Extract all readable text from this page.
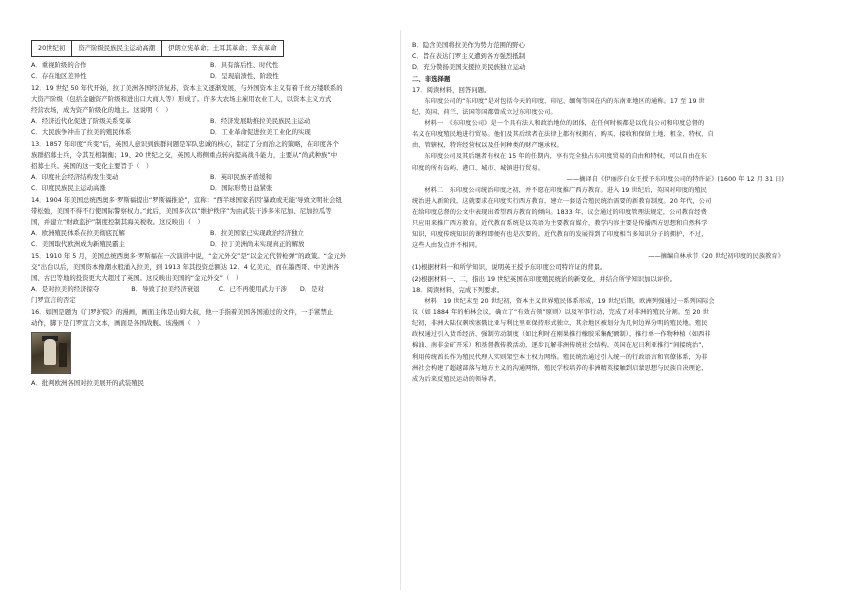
20世纪初	资产阶级民族民主运动高潮	伊朗立宪革命；土耳其革命；辛亥革命
A．重视阶级的合作	B．具有落后性、时代性
C．存在地区差异性	D．呈现崩溃性、阶段性

12．19 世纪 50 年代开始，拉丁美洲各国经济复苏，资本主义逐渐发展，与外国资本主义有着千丝万缕联系的

大资产阶级（包括金融资产阶级和进出口大商人等）形成了。许多大农场主雇用农业工人，以资本主义方式

经营农场，成为资产阶级化的地主。这说明（　）

A．经济近代化促进了阶级关系变革	B．经济发展助推拉美民族民主运动
C．大民族争冲击了拉美的殖民体系	D．工业革命促进拉美工业化的实现

13．1857 年印度“兵变”后，英国人意识到族群问题是军队忠诚的核心，制定了分而治之的策略，在印度各个

族群招募士兵，令其互相制衡；19、20 世纪之交，英国人将侧重点转向提高战斗能力，主要从“尚武种族”中

招募士兵。英国的这一变化主要旨于（　）

A．印度社会经济结构发生变动	B．英印民族矛盾缓和
C．印度民族民主运动高涨	D．国际形势日益紧张

14．1904 年美国总统西奥多·罗斯福提出“罗斯福推论”，宣称：“西半球国家若因‘暴政或无能’导致文明社会纽

带松弛，美国不得不行使国际警察权力。”此后，美国多次以“维护秩序”为由武装干涉多米尼加、尼加拉瓜等

国，并建立“财政监护”制度控制其海关税收。这反映出（　）

A．欧洲殖民体系在拉美彻底瓦解	B．拉美国家已实现政治经济独立
C．美国取代欧洲成为新殖民霸主	D．拉丁美洲尚未实现真正的解放

15．1910 年 5 月，美国总统西奥多·罗斯福在一次演讲中说，“金元外交”是“以金元代替枪弹”的政策。“金元外

交”出台以后，美国资本像潮水般涌入拉美，到 1913 年其投资总额达 12．4 亿美元，而在墨西哥、中美洲各

国、古巴等地的投资更大大超过了英国。这反映出美国的“金元外交”（　）

A．是对拉美的经济掠夺　　　　　B．导致了拉美经济衰退　　　C．已不再使用武力干涉　　D．是对

门罗宣言的否定

16．如图是题为《门罗护院》的漫画，画面主体是山姆大叔，他一手指着美国各国通过的文件，一手紧禁止

动作，脚下是门罗宣言文本，画面是各国战舰。该漫画（　）

A．批判欧洲各国对拉美展开的武装殖民

B．隐含美国将拉美作为势力范围的野心

C．旨在表达门罗主义遭到各方强烈抵制

D．充分赞扬美国支援拉美民族独立运动

二、非选择题

17．阅读材料，回答问题。

东印度公司的“东印度”是对包括今天的印度、印尼、缅甸等国在内的东南亚地区的通称。17 至 19 世

纪，英国、荷兰、法国等国都曾成立过东印度公司。

材料一　《东印度公司》是一个具有法人和政治地位的团体，在任何时候都是以优良公司和印度总督的

名义在印度殖民地进行贸易。他们及其后续者在法律上都有权拥有、购买、接收和保留土地、租金、特权、自

由、管辖权，特许经营权以及任何种类的财产继承权。

东印度公司及其后继者有权在 15 年的任期内，享有完全独占东印度贸易的自由和特权，可以自由在东

印度的所有岛屿、港口、城市、城镇进行贸易。

——摘译自《伊丽莎白女王授予东印度公司的特许证》(1600 年 12 月 31 日)

材料二　东印度公司统治印度之初，并不愿在印度推广西方教育。进入 19 世纪后，英国对印度的殖民

统治进入新阶段，这就要求在印度实行西方教育，建立一套适合殖民统治需要的新教育制度。20 年代，公司

在给印度总督的公文中表现出希望西方教育的倾向。1833 年，议会通过的印度管理法规定，公司教育经费

只应用来推广西方教育。近代教育系统是以英语为主要教育媒介，教学内容主要是传播西方思想和自然科学

知识，印度传统知识的课程即便有也是次要的。近代教育的发展得到了印度相当多知识分子的拥护，不过，

这些人由发点并不相同。

——摘编自林承节《20 世纪初印度的民族教育》

(1)根据材料一和所学知识，说明英王授予东印度公司特许证的背景。

(2)根据材料一、二，指出 19 世纪英国在印度殖民统治的新变化，并结合所学知识加以评价。

18．阅读材料，完成下列要求。

材料　19 世纪末至 20 世纪初，资本主义世界殖民体系形成，19 世纪后期，欧洲列强通过一系列国际会

议（如 1884 年的柏林会议，确立了“有效占领”原则）以及军事行动，完成了对非洲的殖民分割。至 20 世

纪初，非洲大陆仅剩埃塞俄比亚与利比里亚保持形式独立，其余地区被划分为几何边界分明的殖民地。殖民

政权通过引入货币经济、强制劳动制度（如比利时在刚果推行橡胶采集配额制），推行单一作物种植（如西非

棉油、南非金矿开采）和基督教传教活动，逐步瓦解非洲传统社会结构。英国在尼日利亚推行“间接统治”，

利用传统酋长作为殖民代理人实则架空本土权力网络。殖民统治通过引入统一的行政语言和官僚体系，为非

洲社会构建了超越部落与地方主义的沟通网络，殖民学校培养的非洲精英接触到启蒙思想与民族自决理论，

成为后来反殖民运动的领导者。
